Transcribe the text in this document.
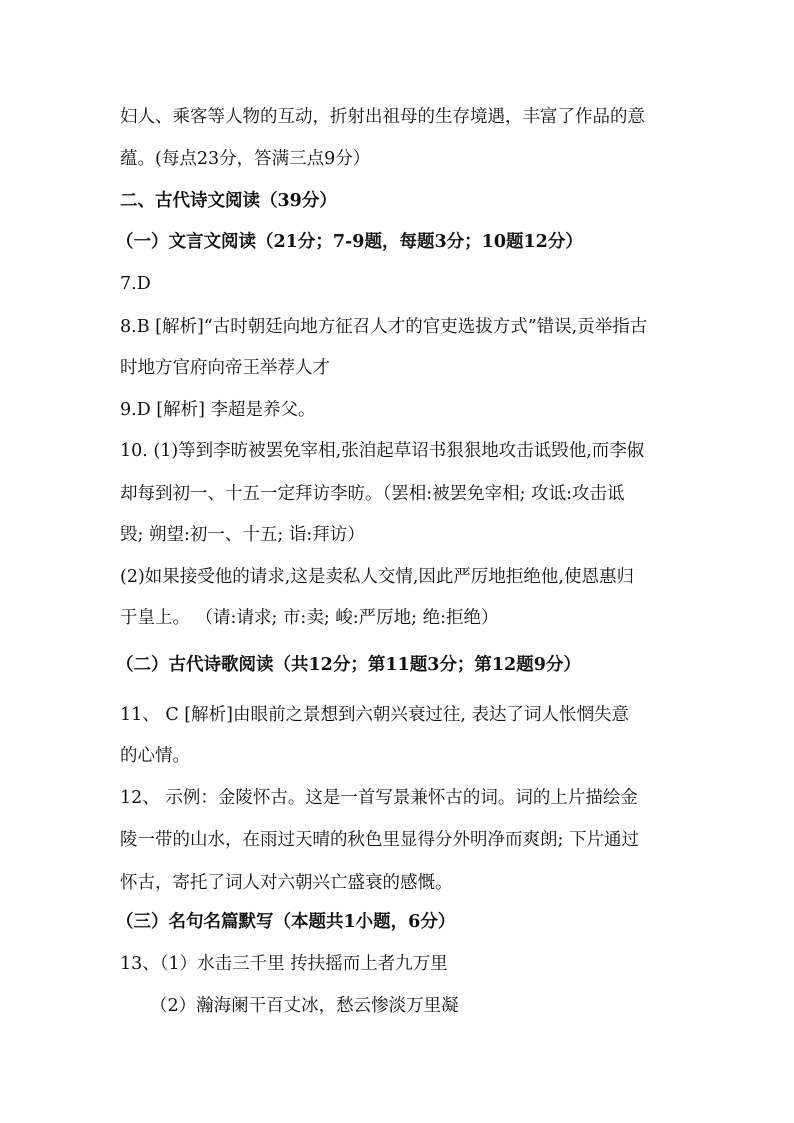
妇人、乘客等人物的互动，折射出祖母的生存境遇，丰富了作品的意
蕴。(每点23分，答满三点9分）
二、古代诗文阅读（39分）
（一）文言文阅读（21分；7-9题，每题3分；10题12分）
7.D
8.B [解析]“古时朝廷向地方征召人才的官吏选拔方式”错误,贡举指古
时地方官府向帝王举荐人才
9.D [解析] 李超是养父。
10. (1)等到李昉被罢免宰相,张洎起草诏书狠狠地攻击诋毁他,而李俶
却每到初一、十五一定拜访李昉。（罢相:被罢免宰相; 攻诋:攻击诋
毁; 朔望:初一、十五; 诣:拜访）
(2)如果接受他的请求,这是卖私人交情,因此严厉地拒绝他,使恩惠归
于皇上。 （请:请求; 市:卖; 峻:严厉地; 绝:拒绝）
（二）古代诗歌阅读（共12分；第11题3分；第12题9分）
11、 C [解析]由眼前之景想到六朝兴衰过往, 表达了词人怅惘失意
的心情。
12、 示例：金陵怀古。这是一首写景兼怀古的词。词的上片描绘金
陵一带的山水，在雨过天晴的秋色里显得分外明净而爽朗; 下片通过
怀古，寄托了词人对六朝兴亡盛衰的感慨。
（三）名句名篇默写（本题共1小题，6分）
13、（1）水击三千里 抟扶摇而上者九万里
（2）瀚海阑干百丈冰，愁云惨淡万里凝
